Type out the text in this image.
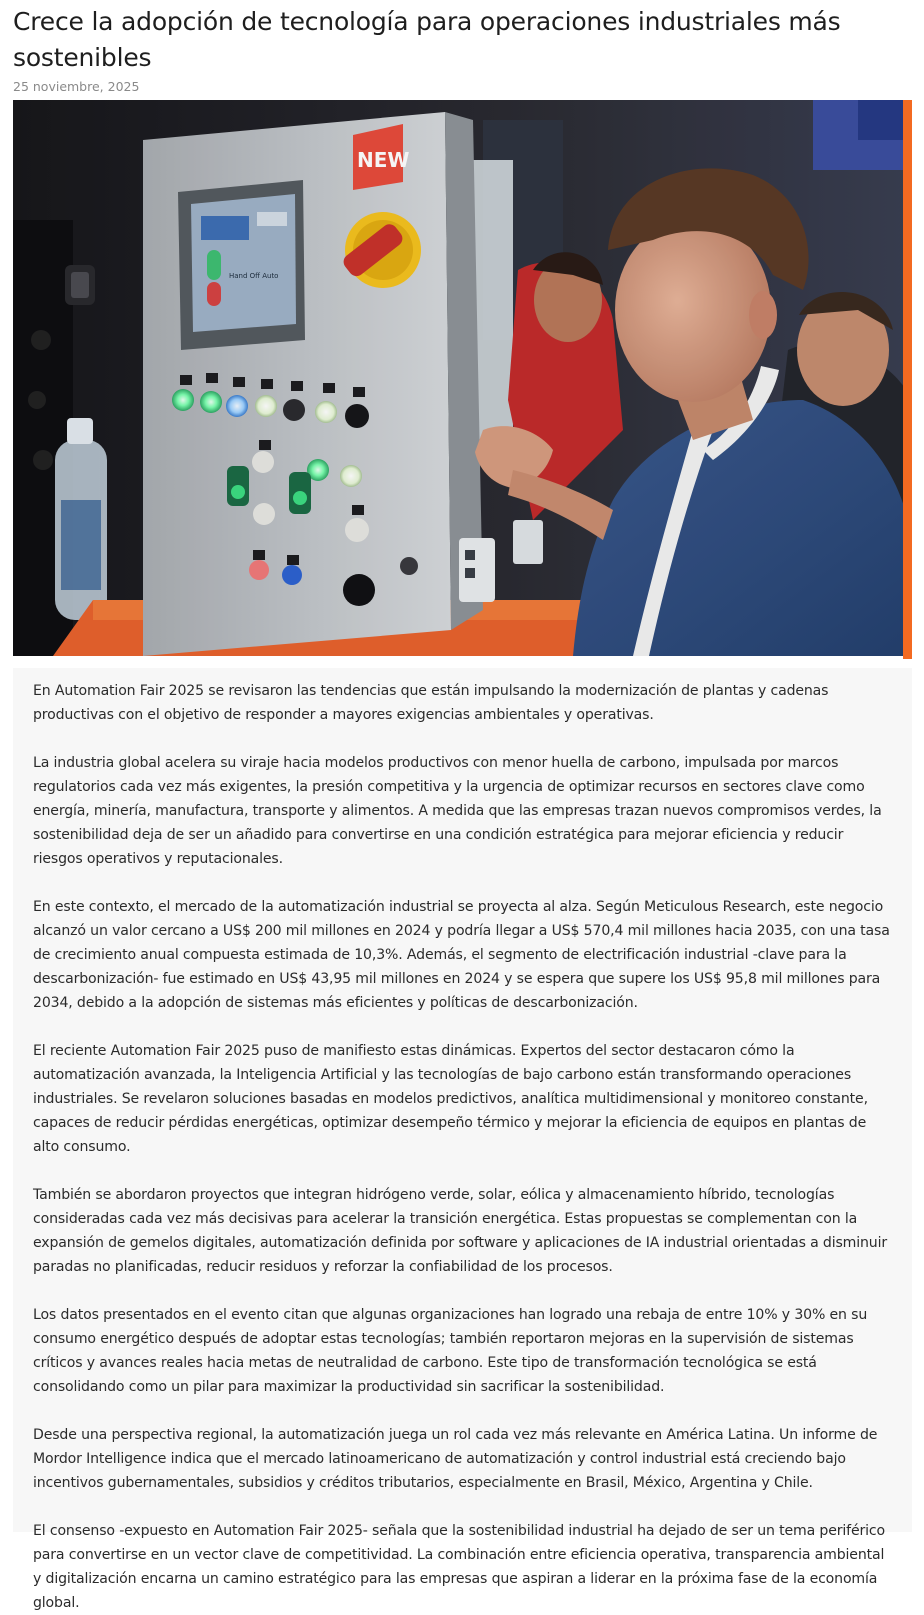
Crece la adopción de tecnología para operaciones industriales más sostenibles
25 noviembre, 2025
Hand Off Auto
NEW

En Automation Fair 2025 se revisaron las tendencias que están impulsando la modernización de plantas y cadenas productivas con el objetivo de responder a mayores exigencias ambientales y operativas.

La industria global acelera su viraje hacia modelos productivos con menor huella de carbono, impulsada por marcos regulatorios cada vez más exigentes, la presión competitiva y la urgencia de optimizar recursos en sectores clave como energía, minería, manufactura, transporte y alimentos. A medida que las empresas trazan nuevos compromisos verdes, la sostenibilidad deja de ser un añadido para convertirse en una condición estratégica para mejorar eficiencia y reducir riesgos operativos y reputacionales.

En este contexto, el mercado de la automatización industrial se proyecta al alza. Según Meticulous Research, este negocio alcanzó un valor cercano a US$ 200 mil millones en 2024 y podría llegar a US$ 570,4 mil millones hacia 2035, con una tasa de crecimiento anual compuesta estimada de 10,3%. Además, el segmento de electrificación industrial -clave para la descarbonización- fue estimado en US$ 43,95 mil millones en 2024 y se espera que supere los US$ 95,8 mil millones para 2034, debido a la adopción de sistemas más eficientes y políticas de descarbonización.

El reciente Automation Fair 2025 puso de manifiesto estas dinámicas. Expertos del sector destacaron cómo la automatización avanzada, la Inteligencia Artificial y las tecnologías de bajo carbono están transformando operaciones industriales. Se revelaron soluciones basadas en modelos predictivos, analítica multidimensional y monitoreo constante, capaces de reducir pérdidas energéticas, optimizar desempeño térmico y mejorar la eficiencia de equipos en plantas de alto consumo.

También se abordaron proyectos que integran hidrógeno verde, solar, eólica y almacenamiento híbrido, tecnologías consideradas cada vez más decisivas para acelerar la transición energética. Estas propuestas se complementan con la expansión de gemelos digitales, automatización definida por software y aplicaciones de IA industrial orientadas a disminuir paradas no planificadas, reducir residuos y reforzar la confiabilidad de los procesos.

Los datos presentados en el evento citan que algunas organizaciones han logrado una rebaja de entre 10% y 30% en su consumo energético después de adoptar estas tecnologías; también reportaron mejoras en la supervisión de sistemas críticos y avances reales hacia metas de neutralidad de carbono. Este tipo de transformación tecnológica se está consolidando como un pilar para maximizar la productividad sin sacrificar la sostenibilidad.

Desde una perspectiva regional, la automatización juega un rol cada vez más relevante en América Latina. Un informe de Mordor Intelligence indica que el mercado latinoamericano de automatización y control industrial está creciendo bajo incentivos gubernamentales, subsidios y créditos tributarios, especialmente en Brasil, México, Argentina y Chile.

El consenso -expuesto en Automation Fair 2025- señala que la sostenibilidad industrial ha dejado de ser un tema periférico para convertirse en un vector clave de competitividad. La combinación entre eficiencia operativa, transparencia ambiental y digitalización encarna un camino estratégico para las empresas que aspiran a liderar en la próxima fase de la economía global.
